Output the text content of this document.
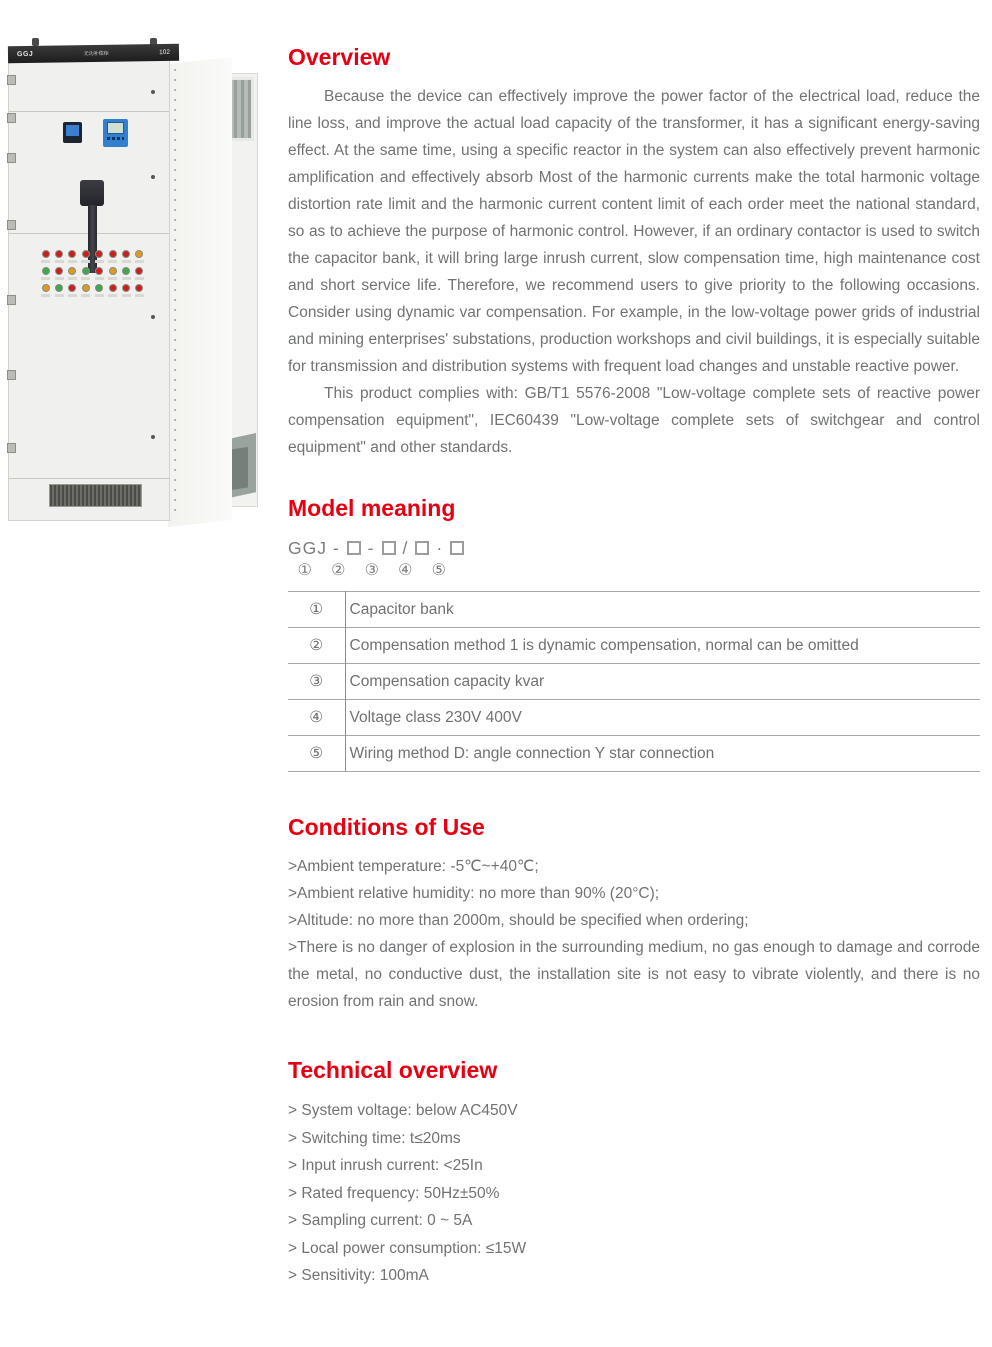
GGJ	无功补偿柜	102	Overview

Because the device can effectively improve the power factor of the electrical load, reduce the line loss, and improve the actual load capacity of the transformer, it has a significant energy-saving effect. At the same time, using a specific reactor in the system can also effectively prevent harmonic amplification and effectively absorb Most of the harmonic currents make the total harmonic voltage distortion rate limit and the harmonic current content limit of each order meet the national standard, so as to achieve the purpose of harmonic control. However, if an ordinary contactor is used to switch the capacitor bank, it will bring large inrush current, slow compensation time, high maintenance cost and short service life. Therefore, we recommend users to give priority to the following occasions. Consider using dynamic var compensation. For example, in the low-voltage power grids of industrial and mining enterprises' substations, production workshops and civil buildings, it is especially suitable for transmission and distribution systems with frequent load changes and unstable reactive power.

This product complies with: GB/T1 5576-2008 "Low-voltage complete sets of reactive power compensation equipment", IEC60439 "Low-voltage complete sets of switchgear and control equipment" and other standards.

Model meaning
GGJ - - / ·
①	②	③	④	⑤
①	Capacitor bank
②	Compensation method 1 is dynamic compensation, normal can be omitted
③	Compensation capacity kvar
④	Voltage class 230V 400V
⑤	Wiring method D: angle connection Y star connection
Conditions of Use

>Ambient temperature: -5℃~+40℃;

>Ambient relative humidity: no more than 90% (20°C);

>Altitude: no more than 2000m, should be specified when ordering;

>There is no danger of explosion in the surrounding medium, no gas enough to damage and corrode the metal, no conductive dust, the installation site is not easy to vibrate violently, and there is no erosion from rain and snow.

Technical overview

> System voltage: below AC450V

> Switching time: t≤20ms

> Input inrush current: <25In

> Rated frequency: 50Hz±50%

> Sampling current: 0 ~ 5A

> Local power consumption: ≤15W

> Sensitivity: 100mA
